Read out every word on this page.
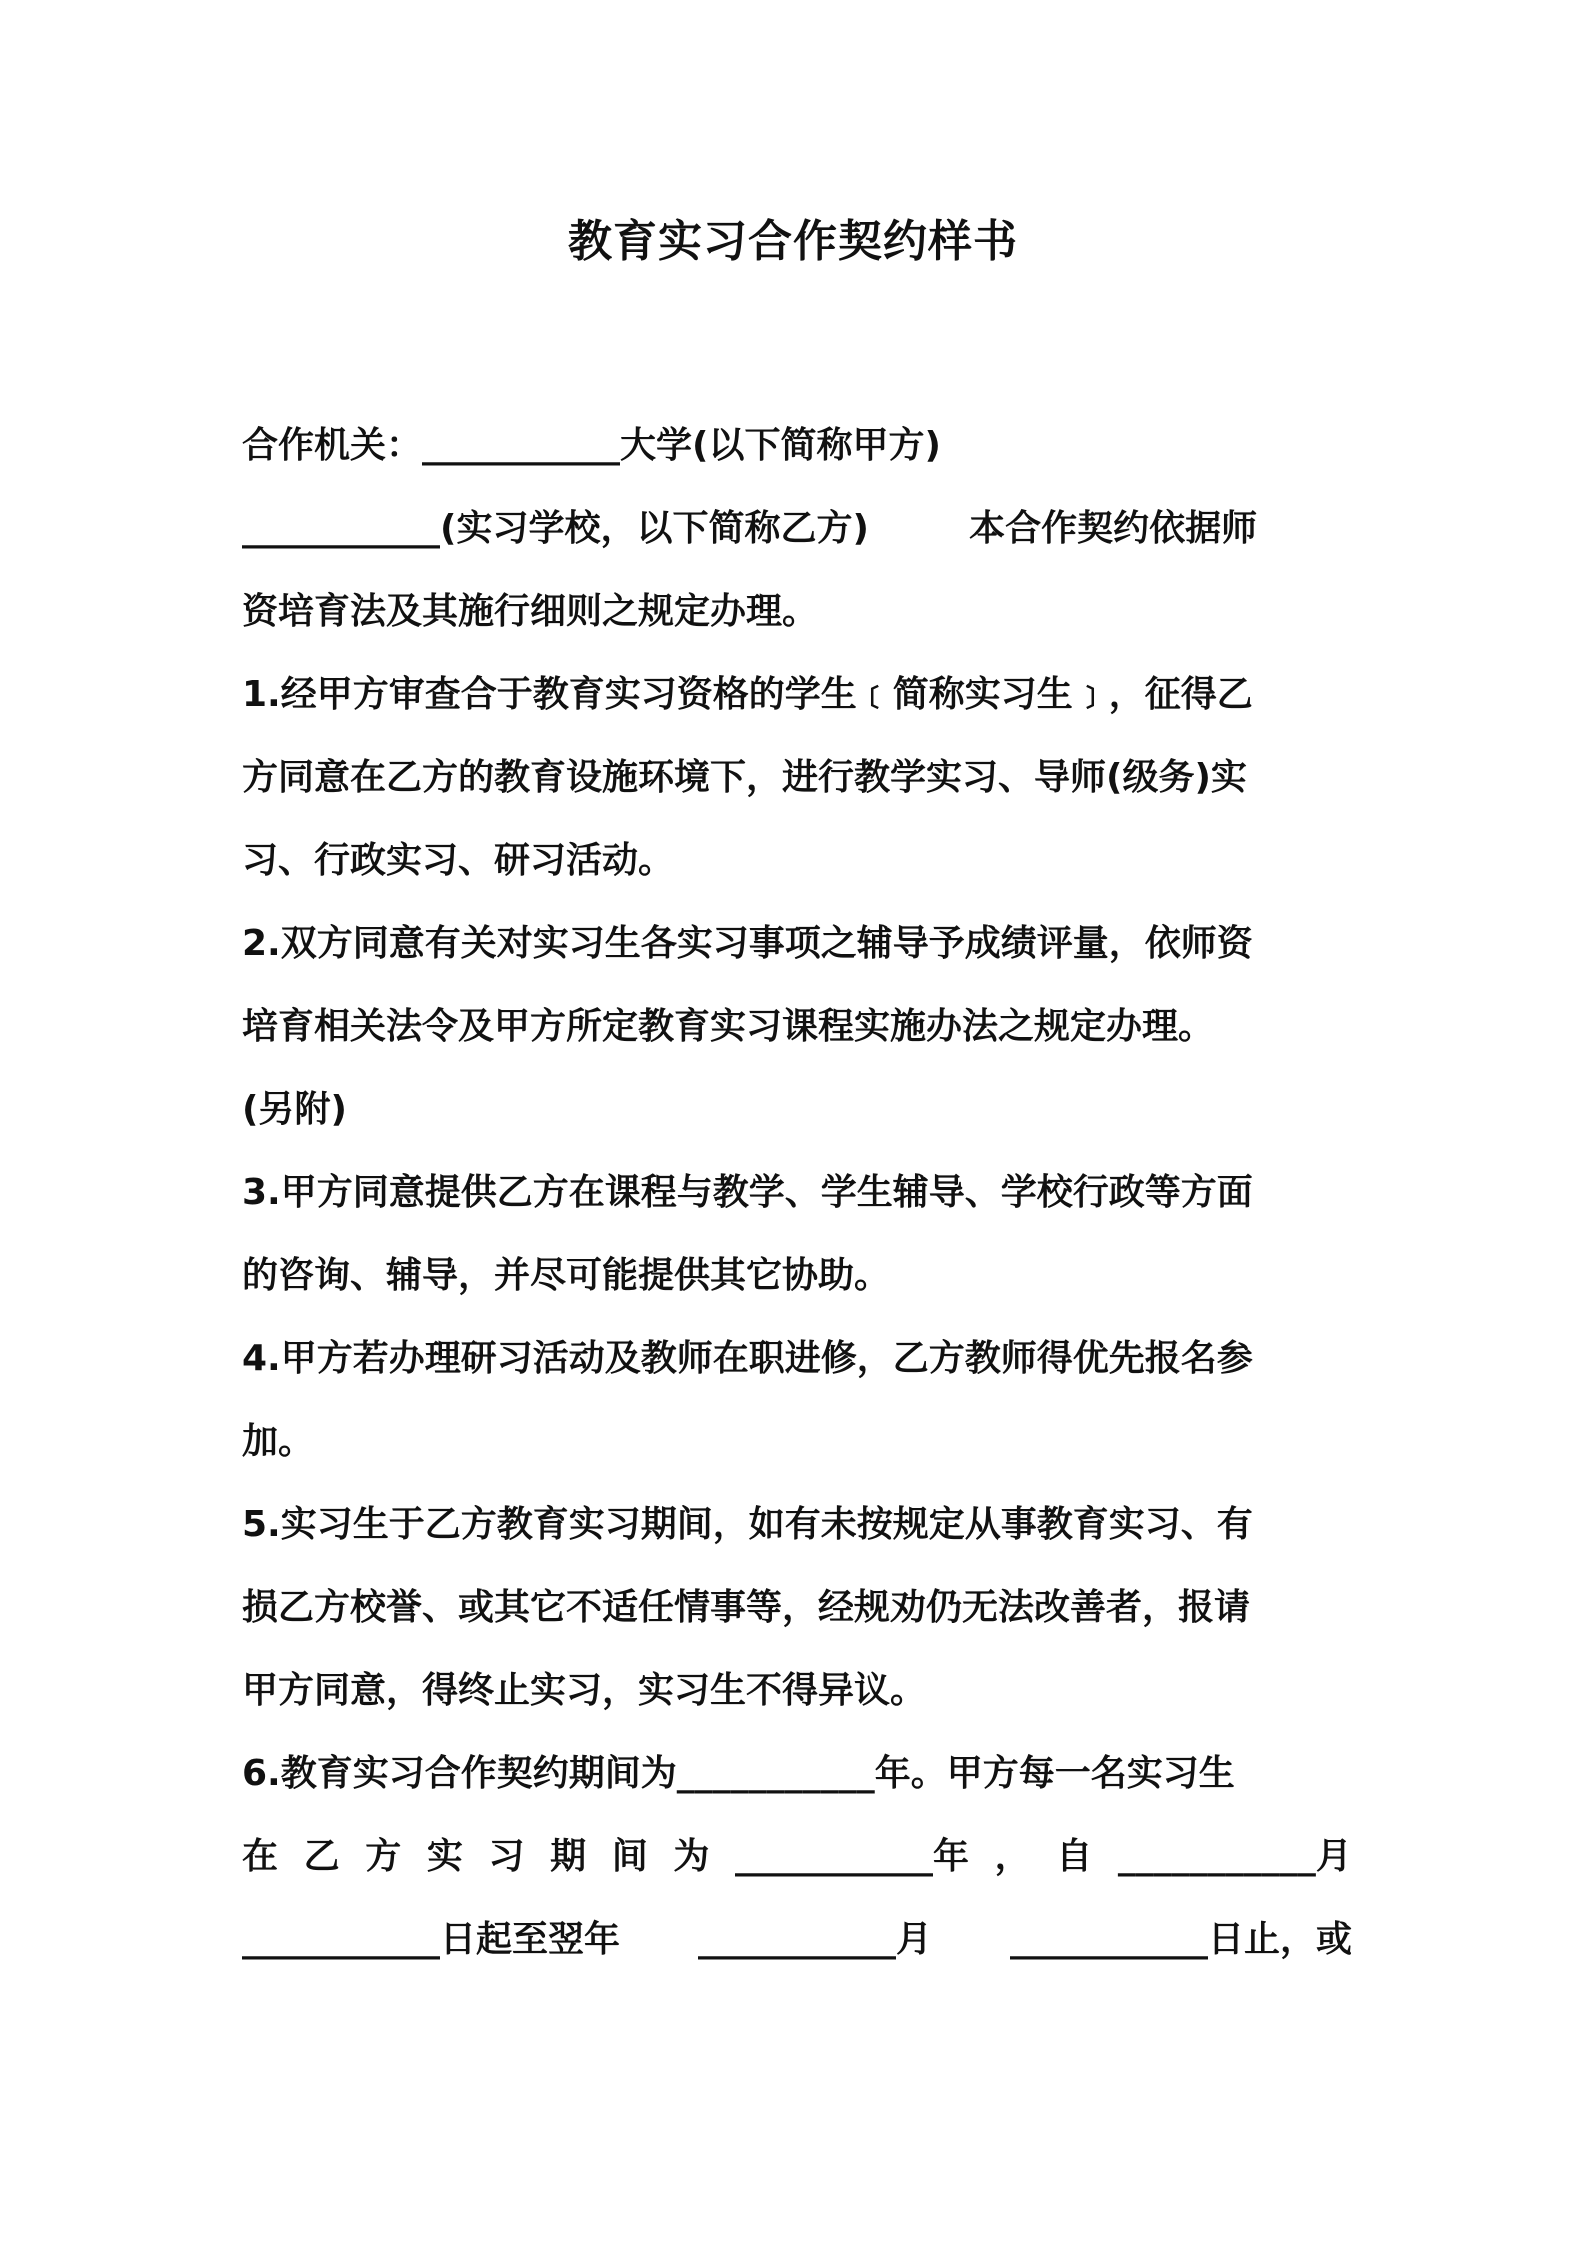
教育实习合作契约样书
合作机关：___________大学(以下简称甲方)
___________(实习学校，以下简称乙方)        本合作契约依据师
资培育法及其施行细则之规定办理。
1.经甲方审查合于教育实习资格的学生﹝简称实习生﹞，征得乙
方同意在乙方的教育设施环境下，进行教学实习、导师(级务)实
习、行政实习、研习活动。
2.双方同意有关对实习生各实习事项之辅导予成绩评量，依师资
培育相关法令及甲方所定教育实习课程实施办法之规定办理。
(另附)
3.甲方同意提供乙方在课程与教学、学生辅导、学校行政等方面
的咨询、辅导，并尽可能提供其它协助。
4.甲方若办理研习活动及教师在职进修，乙方教师得优先报名参
加。
5.实习生于乙方教育实习期间，如有未按规定从事教育实习、有
损乙方校誉、或其它不适任情事等，经规劝仍无法改善者，报请
甲方同意，得终止实习，实习生不得异议。
6.教育实习合作契约期间为___________年。甲方每一名实习生
在 乙 方 实 习 期 间 为 ___________年 ， 自 ___________月
___________日起至翌年 ___________月 ___________日止，或
